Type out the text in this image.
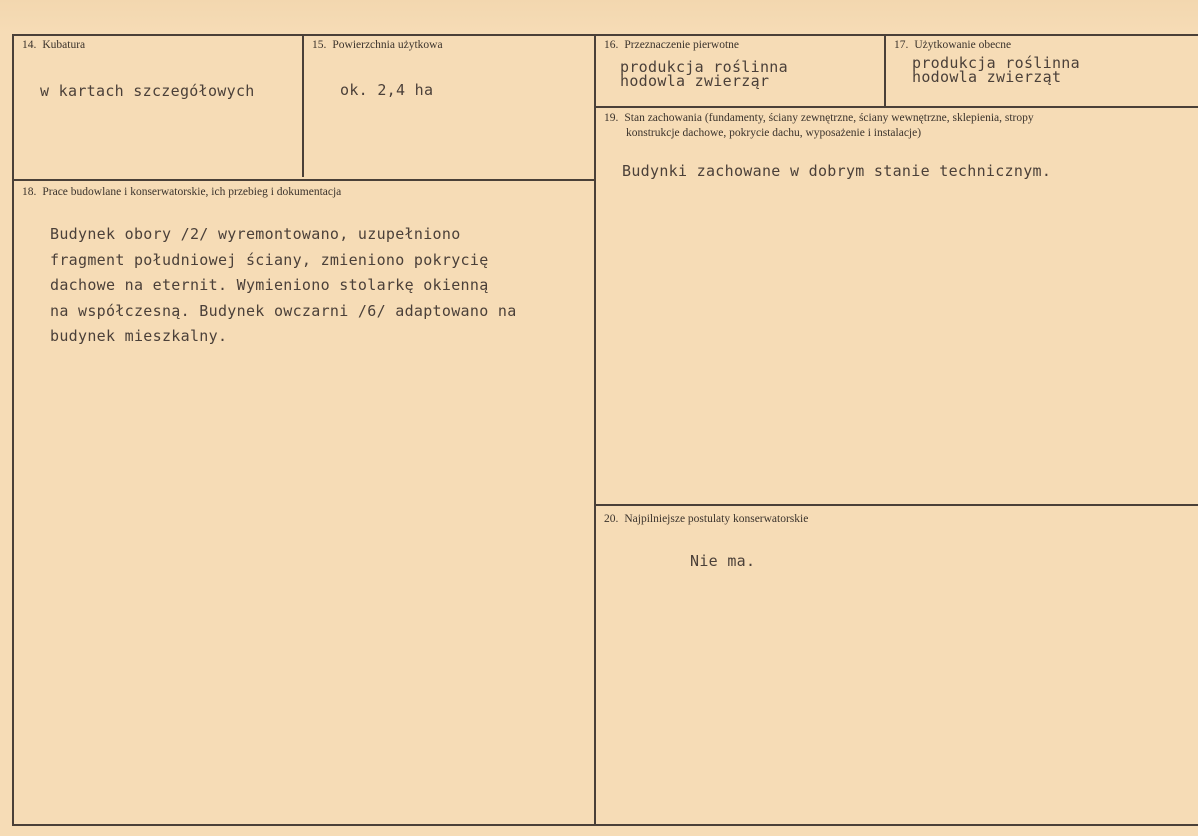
14. Kubatura
w kartach szczegółowych
15. Powierzchnia użytkowa
ok. 2,4 ha
16. Przeznaczenie pierwotne
produkcja roślinna
hodowla zwierząr
17. Użytkowanie obecne
produkcja roślinna
hodowla zwierząt
18. Prace budowlane i konserwatorskie, ich przebieg i dokumentacja
Budynek obory /2/ wyremontowano, uzupełniono
fragment południowej ściany, zmieniono pokrycię
dachowe na eternit. Wymieniono stolarkę okienną
na współczesną. Budynek owczarni /6/ adaptowano na
budynek mieszkalny.
19. Stan zachowania (fundamenty, ściany zewnętrzne, ściany wewnętrzne, sklepienia, stropy
konstrukcje dachowe, pokrycie dachu, wyposażenie i instalacje)
Budynki zachowane w dobrym stanie technicznym.
20. Najpilniejsze postulaty konserwatorskie
Nie ma.
